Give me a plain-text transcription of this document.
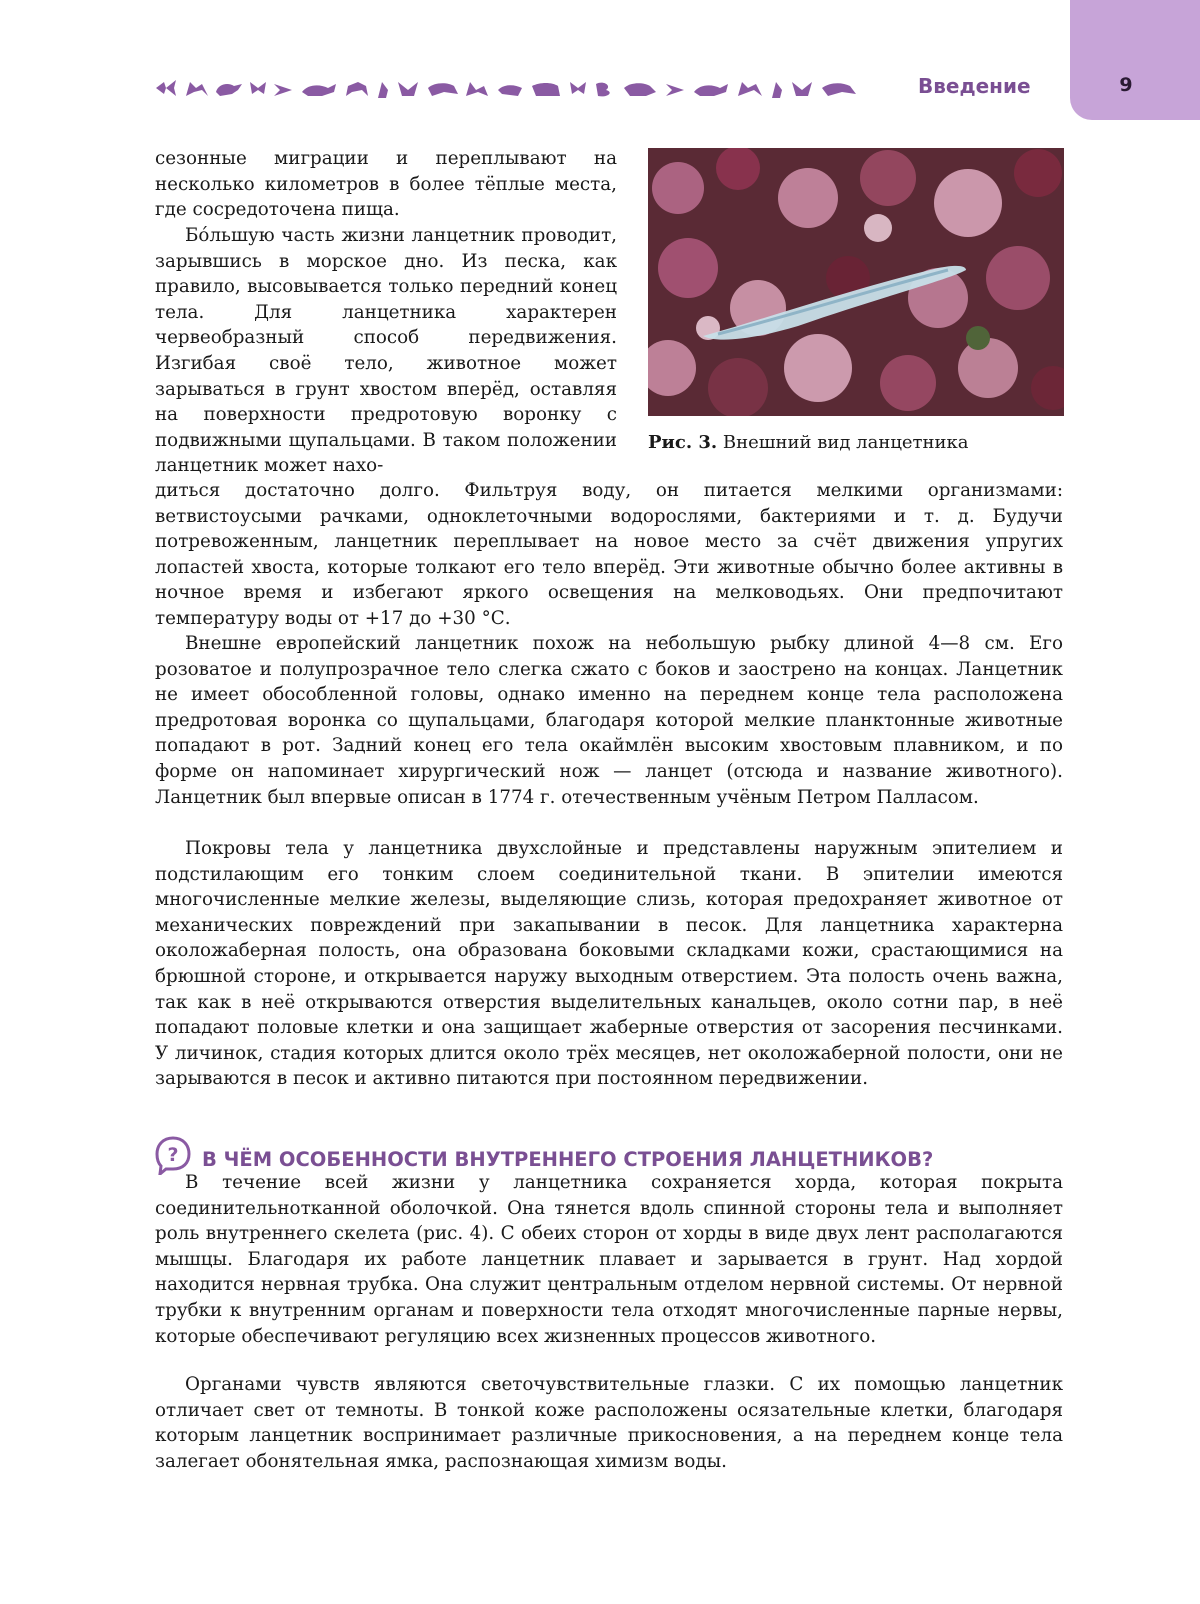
9
Введение
Рис. 3. Внешний вид ланцетника

сезонные миграции и переплывают на несколько километров в более тёплые места, где сосредоточена пища.

Бо́льшую часть жизни ланцетник проводит, зарывшись в морское дно. Из песка, как правило, высовывается только передний конец тела. Для ланцетника характерен червеобразный способ передвижения. Изгибая своё тело, животное может зарываться в грунт хвостом вперёд, оставляя на поверхности предротовую воронку с подвижными щупальцами. В таком положении ланцетник может нахо-

диться достаточно долго. Фильтруя воду, он питается мелкими организмами: ветвистоусыми рачками, одноклеточными водорослями, бактериями и т. д. Будучи потревоженным, ланцетник переплывает на новое место за счёт движения упругих лопастей хвоста, которые толкают его тело вперёд. Эти животные обычно более активны в ночное время и избегают яркого освещения на мелководьях. Они предпочитают температуру воды от +17 до +30 °С.

Внешне европейский ланцетник похож на небольшую рыбку длиной 4—8 см. Его розоватое и полупрозрачное тело слегка сжато с боков и заострено на концах. Ланцетник не имеет обособленной головы, однако именно на переднем конце тела расположена предротовая воронка со щупальцами, благодаря которой мелкие планктонные животные попадают в рот. Задний конец его тела окаймлён высоким хвостовым плавником, и по форме он напоминает хирургический нож — ланцет (отсюда и название животного). Ланцетник был впервые описан в 1774 г. отечественным учёным Петром Палласом.

Покровы тела у ланцетника двухслойные и представлены наружным эпителием и подстилающим его тонким слоем соединительной ткани. В эпителии имеются многочисленные мелкие железы, выделяющие слизь, которая предохраняет животное от механических повреждений при закапывании в песок. Для ланцетника характерна околожаберная полость, она образована боковыми складками кожи, срастающимися на брюшной стороне, и открывается наружу выходным отверстием. Эта полость очень важна, так как в неё открываются отверстия выделительных канальцев, около сотни пар, в неё попадают половые клетки и она защищает жаберные отверстия от засорения песчинками. У личинок, стадия которых длится около трёх месяцев, нет околожаберной полости, они не зарываются в песок и активно питаются при постоянном передвижении.

? В ЧЁМ ОСОБЕННОСТИ ВНУТРЕННЕГО СТРОЕНИЯ ЛАНЦЕТНИКОВ?

В течение всей жизни у ланцетника сохраняется хорда, которая покрыта соединительнотканной оболочкой. Она тянется вдоль спинной стороны тела и выполняет роль внутреннего скелета (рис. 4). С обеих сторон от хорды в виде двух лент располагаются мышцы. Благодаря их работе ланцетник плавает и зарывается в грунт. Над хордой находится нервная трубка. Она служит центральным отделом нервной системы. От нервной трубки к внутренним органам и поверхности тела отходят многочисленные парные нервы, которые обеспечивают регуляцию всех жизненных процессов животного.

Органами чувств являются светочувствительные глазки. С их помощью ланцетник отличает свет от темноты. В тонкой коже расположены осязательные клетки, благодаря которым ланцетник воспринимает различные прикосновения, а на переднем конце тела залегает обонятельная ямка, распознающая химизм воды.
